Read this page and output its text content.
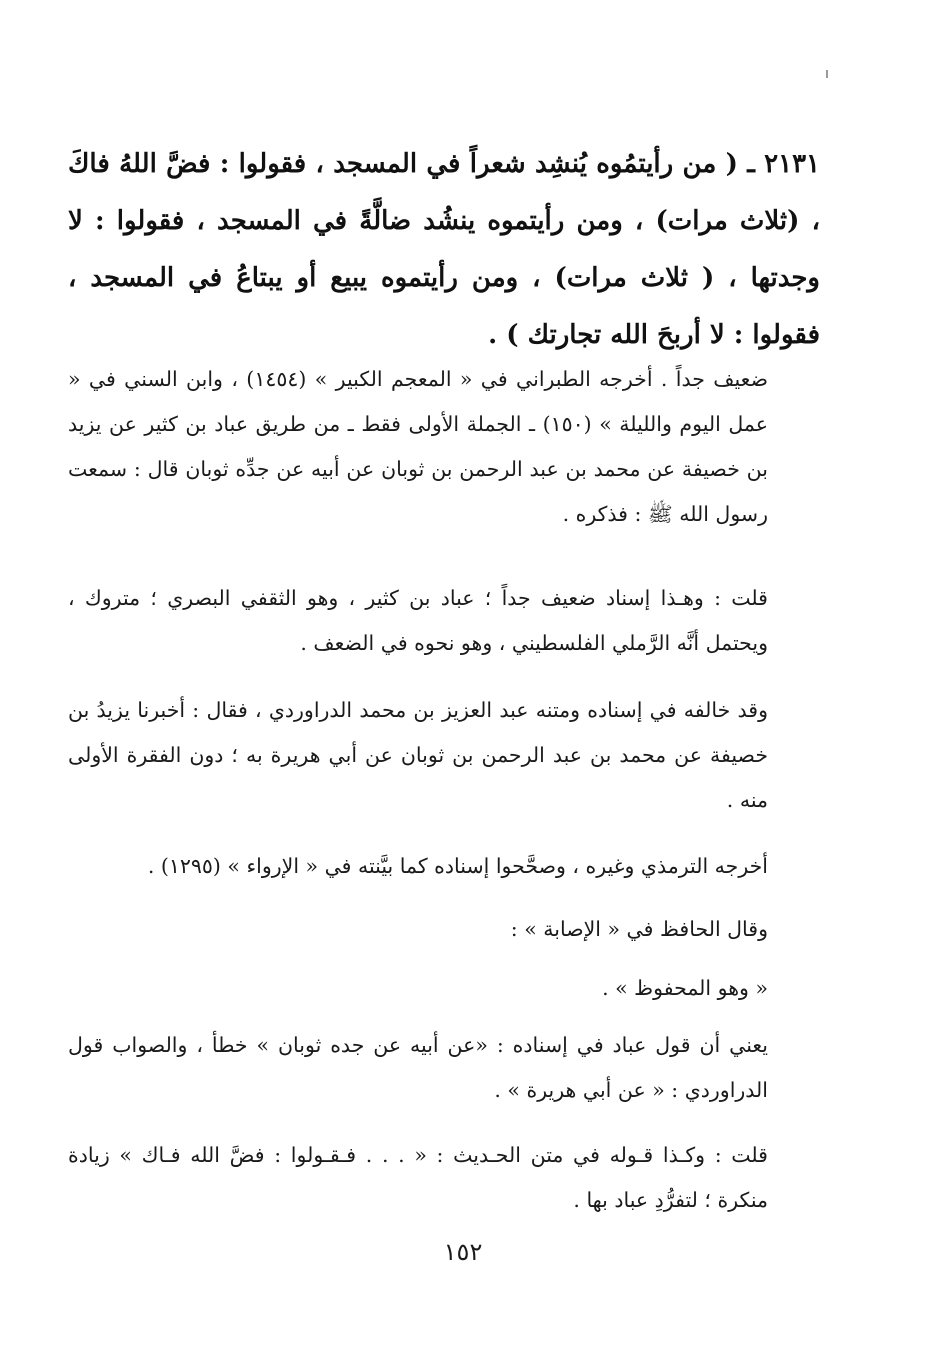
٢١٣١ ـ ( من رأيتمُوه يُنشِد شعراً في المسجد ، فقولوا : فضَّ اللهُ فاكَ ، (ثلاث مرات) ، ومن رأيتموه ينشُد ضالَّةً في المسجد ، فقولوا : لا وجدتها ، ( ثلاث مرات) ، ومن رأيتموه يبيع أو يبتاعُ في المسجد ، فقولوا : لا أربحَ الله تجارتك ) .
ضعيف جداً . أخرجه الطبراني في « المعجم الكبير » (١٤٥٤) ، وابن السني في « عمل اليوم والليلة » (١٥٠) ـ الجملة الأولى فقط ـ من طريق عباد بن كثير عن يزيد بن خصيفة عن محمد بن عبد الرحمن بن ثوبان عن أبيه عن جدِّه ثوبان قال : سمعت رسول الله ﷺ : فذكره .
قلت : وهـذا إسناد ضعيف جداً ؛ عباد بن كثير ، وهو الثقفي البصري ؛ متروك ، ويحتمل أنَّه الرَّملي الفلسطيني ، وهو نحوه في الضعف .
وقد خالفه في إسناده ومتنه عبد العزيز بن محمد الدراوردي ، فقال : أخبرنا يزيدُ بن خصيفة عن محمد بن عبد الرحمن بن ثوبان عن أبي هريرة به ؛ دون الفقرة الأولى منه .
أخرجه الترمذي وغيره ، وصحَّحوا إسناده كما بيَّنته في « الإرواء » (١٢٩٥) .
وقال الحافظ في « الإصابة » :
« وهو المحفوظ » .
يعني أن قول عباد في إسناده : «عن أبيه عن جده ثوبان » خطأ ، والصواب قول الدراوردي : « عن أبي هريرة » .
قلت : وكـذا قـوله في متن الحـديث : « . . . فـقـولوا : فضَّ الله فـاك » زيادة منكرة ؛ لتفرُّدِ عباد بها .
١٥٢
